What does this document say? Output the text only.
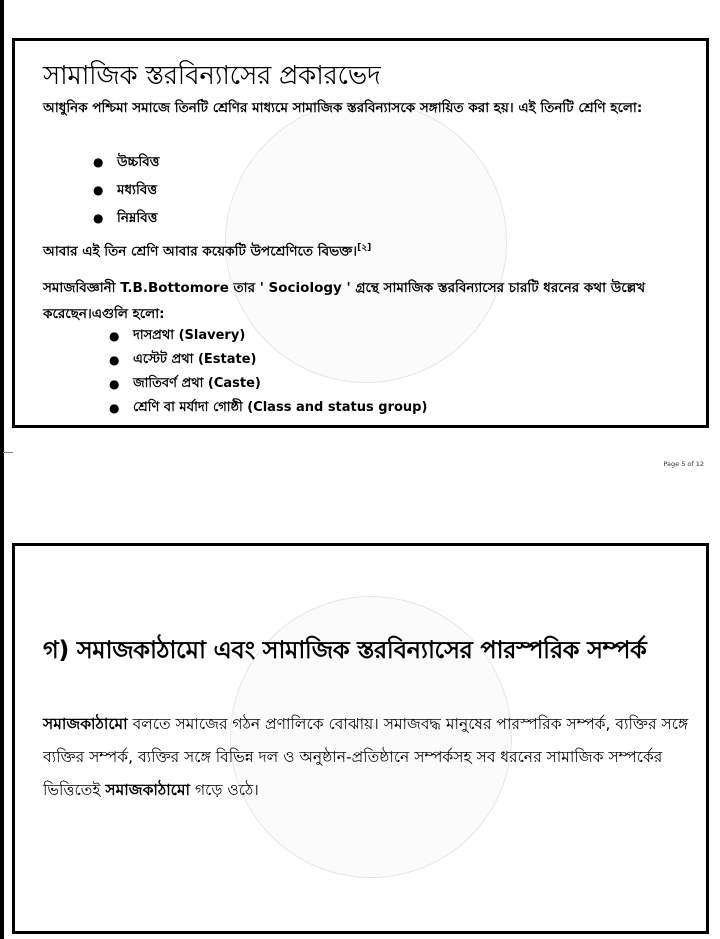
সামাজিক স্তরবিন্যাসের প্রকারভেদ

আধুনিক পশ্চিমা সমাজে তিনটি শ্রেণির মাধ্যমে সামাজিক স্তরবিন্যাসকে সঙ্গায়িত করা হয়। এই তিনটি শ্রেণি হলো:

● উচ্চবিত্ত
● মধ্যবিত্ত
● নিম্নবিত্ত

আবার এই তিন শ্রেণি আবার কয়েকটি উপশ্রেণিতে বিভক্ত।[২]

সমাজবিজ্ঞানী T.B.Bottomore তার ' Sociology ' গ্রন্থে সামাজিক স্তরবিন্যাসের চারটি ধরনের কথা উল্লেখ করেছেন।এগুলি হলো:

● দাসপ্রথা (Slavery)
● এস্টেট প্রথা (Estate)
● জাতিবর্ণ প্রথা (Caste)
● শ্রেণি বা মর্যাদা গোষ্ঠী (Class and status group)
Page 5 of 12
গ) সমাজকাঠামো এবং সামাজিক স্তরবিন্যাসের পারস্পরিক সম্পর্ক

সমাজকাঠামো বলতে সমাজের গঠন প্রণালিকে বোঝায়। সমাজবদ্ধ মানুষের পারস্পরিক সম্পর্ক, ব্যক্তির সঙ্গে ব্যক্তির সম্পর্ক, ব্যক্তির সঙ্গে বিভিন্ন দল ও অনুষ্ঠান-প্রতিষ্ঠানে সম্পর্কসহ সব ধরনের সামাজিক সম্পর্কের ভিত্তিতেই সমাজকাঠামো গড়ে ওঠে।
